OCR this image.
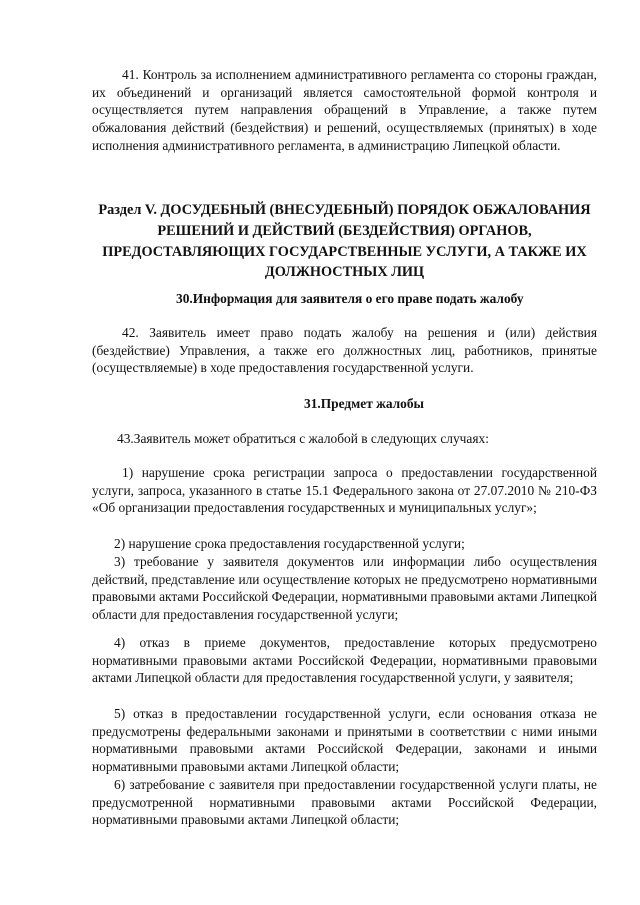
41. Контроль за исполнением административного регламента со стороны граждан, их объединений и организаций является самостоятельной формой контроля и осуществляется путем направления обращений в Управление, а также путем обжалования действий (бездействия) и решений, осуществляемых (принятых) в ходе исполнения административного регламента, в администрацию Липецкой области.

Раздел V. ДОСУДЕБНЫЙ (ВНЕСУДЕБНЫЙ) ПОРЯДОК ОБЖАЛОВАНИЯ РЕШЕНИЙ И ДЕЙСТВИЙ (БЕЗДЕЙСТВИЯ) ОРГАНОВ, ПРЕДОСТАВЛЯЮЩИХ ГОСУДАРСТВЕННЫЕ УСЛУГИ, А ТАКЖЕ ИХ ДОЛЖНОСТНЫХ ЛИЦ

30.Информация для заявителя о его праве подать жалобу

42. Заявитель имеет право подать жалобу на решения и (или) действия (бездействие) Управления, а также его должностных лиц, работников, принятые (осуществляемые) в ходе предоставления государственной услуги.

31.Предмет жалобы

43.Заявитель может обратиться с жалобой в следующих случаях:

1) нарушение срока регистрации запроса о предоставлении государственной услуги, запроса, указанного в статье 15.1 Федерального закона от 27.07.2010 № 210-ФЗ «Об организации предоставления государственных и муниципальных услуг»;

2) нарушение срока предоставления государственной услуги;

3) требование у заявителя документов или информации либо осуществления действий, представление или осуществление которых не предусмотрено нормативными правовыми актами Российской Федерации, нормативными правовыми актами Липецкой области для предоставления государственной услуги;

4) отказ в приеме документов, предоставление которых предусмотрено нормативными правовыми актами Российской Федерации, нормативными правовыми актами Липецкой области для предоставления государственной услуги, у заявителя;

5) отказ в предоставлении государственной услуги, если основания отказа не предусмотрены федеральными законами и принятыми в соответствии с ними иными нормативными правовыми актами Российской Федерации, законами и иными нормативными правовыми актами Липецкой области;

6) затребование с заявителя при предоставлении государственной услуги платы, не предусмотренной нормативными правовыми актами Российской Федерации, нормативными правовыми актами Липецкой области;
